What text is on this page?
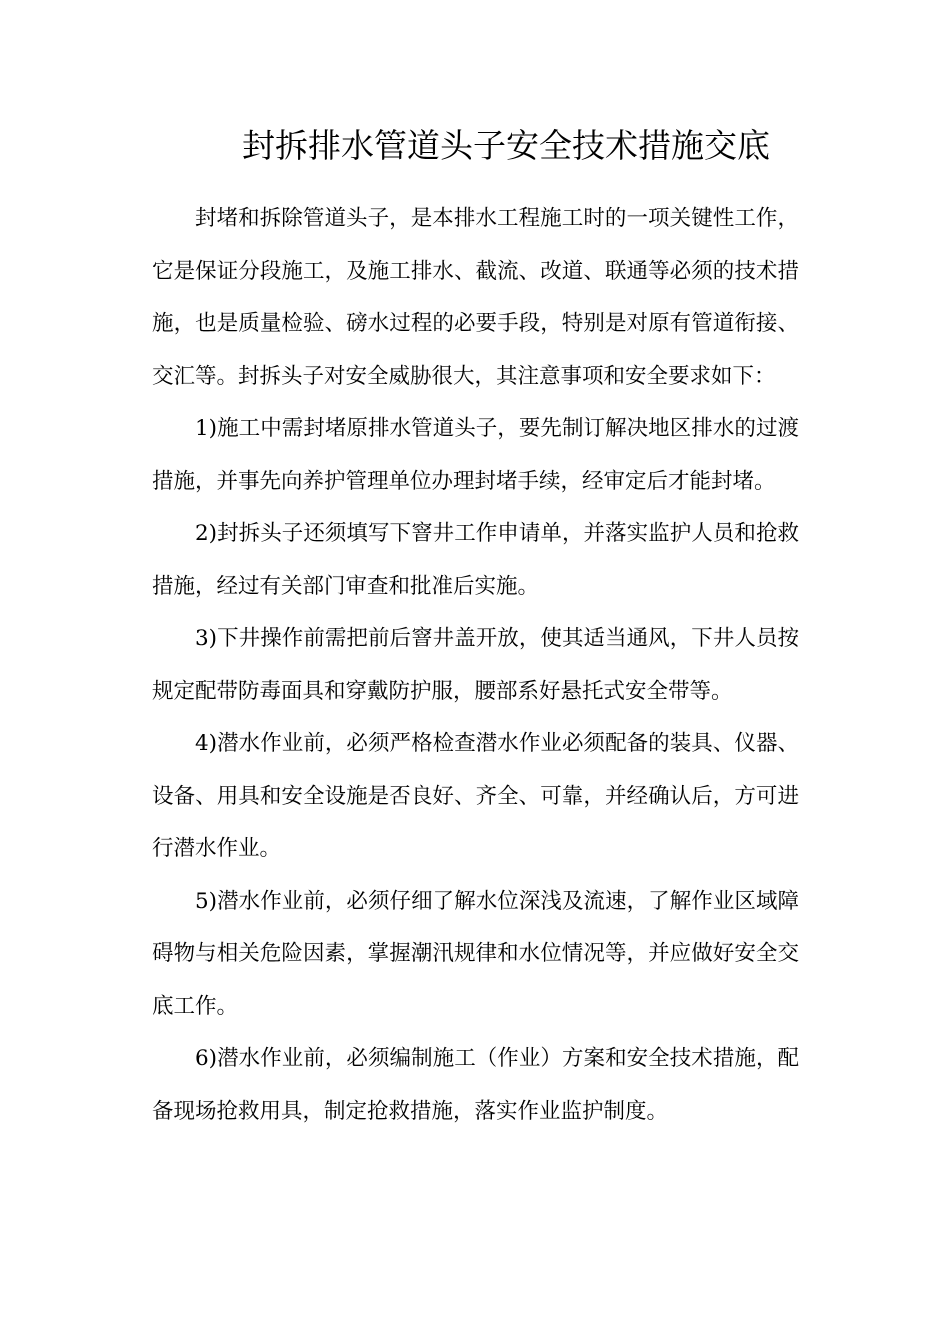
封拆排水管道头子安全技术措施交底

封堵和拆除管道头子，是本排水工程施工时的一项关键性工作，它是保证分段施工，及施工排水、截流、改道、联通等必须的技术措施，也是质量检验、磅水过程的必要手段，特别是对原有管道衔接、交汇等。封拆头子对安全威胁很大，其注意事项和安全要求如下：

1)施工中需封堵原排水管道头子，要先制订解决地区排水的过渡措施，并事先向养护管理单位办理封堵手续，经审定后才能封堵。

2)封拆头子还须填写下窨井工作申请单，并落实监护人员和抢救措施，经过有关部门审查和批准后实施。

3)下井操作前需把前后窨井盖开放，使其适当通风，下井人员按规定配带防毒面具和穿戴防护服，腰部系好悬托式安全带等。

4)潜水作业前，必须严格检查潜水作业必须配备的装具、仪器、设备、用具和安全设施是否良好、齐全、可靠，并经确认后，方可进行潜水作业。

5)潜水作业前，必须仔细了解水位深浅及流速，了解作业区域障碍物与相关危险因素，掌握潮汛规律和水位情况等，并应做好安全交底工作。

6)潜水作业前，必须编制施工（作业）方案和安全技术措施，配备现场抢救用具，制定抢救措施，落实作业监护制度。
